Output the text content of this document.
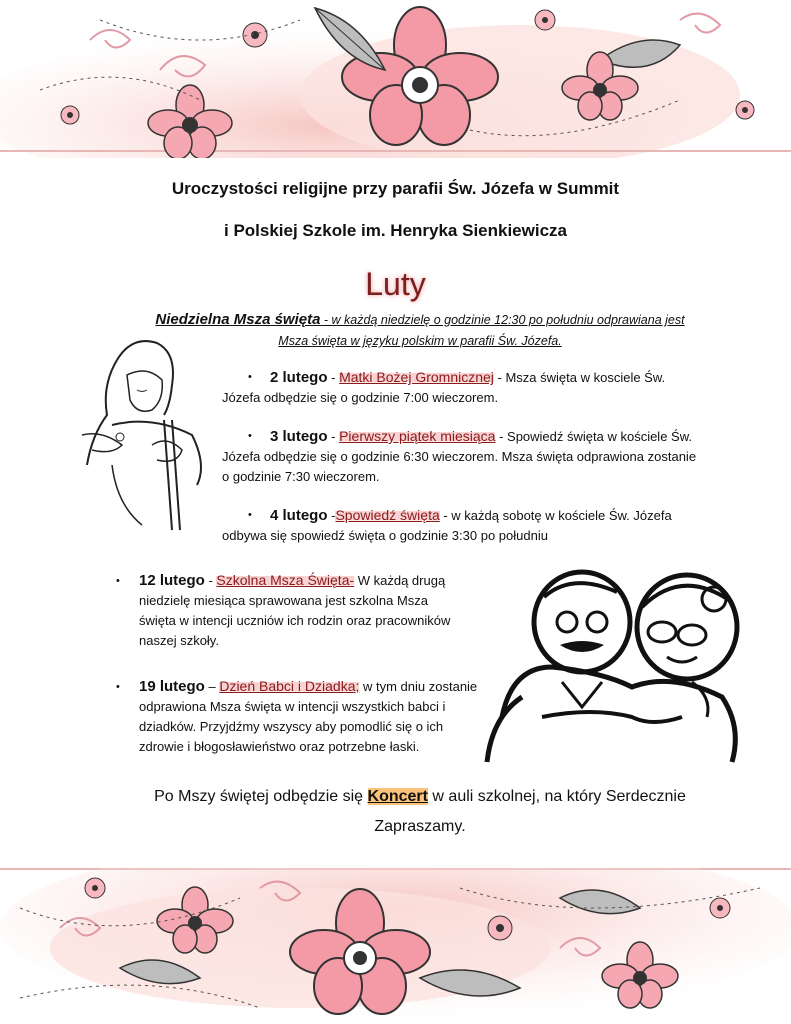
Uroczystości religijne przy parafii Św. Józefa w Summit
i Polskiej Szkole im. Henryka Sienkiewicza
Luty
Niedzielna Msza święta - w każdą niedzielę o godzinie 12:30 po południu odprawiana jest Msza święta w języku polskim w parafii Św. Józefa.
•	2 lutego - Matki Bożej Gromnicznej - Msza święta w kosciele Św. Józefa odbędzie się o godzinie 7:00 wieczorem.
•	3 lutego - Pierwszy piątek miesiąca - Spowiedź święta w kościele Św. Józefa odbędzie się o godzinie 6:30 wieczorem. Msza święta odprawiona zostanie o godzinie 7:30 wieczorem.
•	4 lutego -Spowiedź święta - w każdą sobotę w kościele Św. Józefa odbywa się spowiedź święta o godzinie 3:30 po południu
• 12 lutego - Szkolna Msza Święta- W każdą drugą niedzielę miesiąca sprawowana jest szkolna Msza święta w intencji uczniów ich rodzin oraz pracowników naszej szkoły.
• 19 lutego – Dzień Babci i Dziadka; w tym dniu zostanie odprawiona Msza święta w intencji wszystkich babci i dziadków. Przyjdźmy wszyscy aby pomodlić się o ich zdrowie i błogosławieństwo oraz potrzebne łaski.
Po Mszy świętej odbędzie się Koncert w auli szkolnej, na który Serdecznie Zapraszamy.
